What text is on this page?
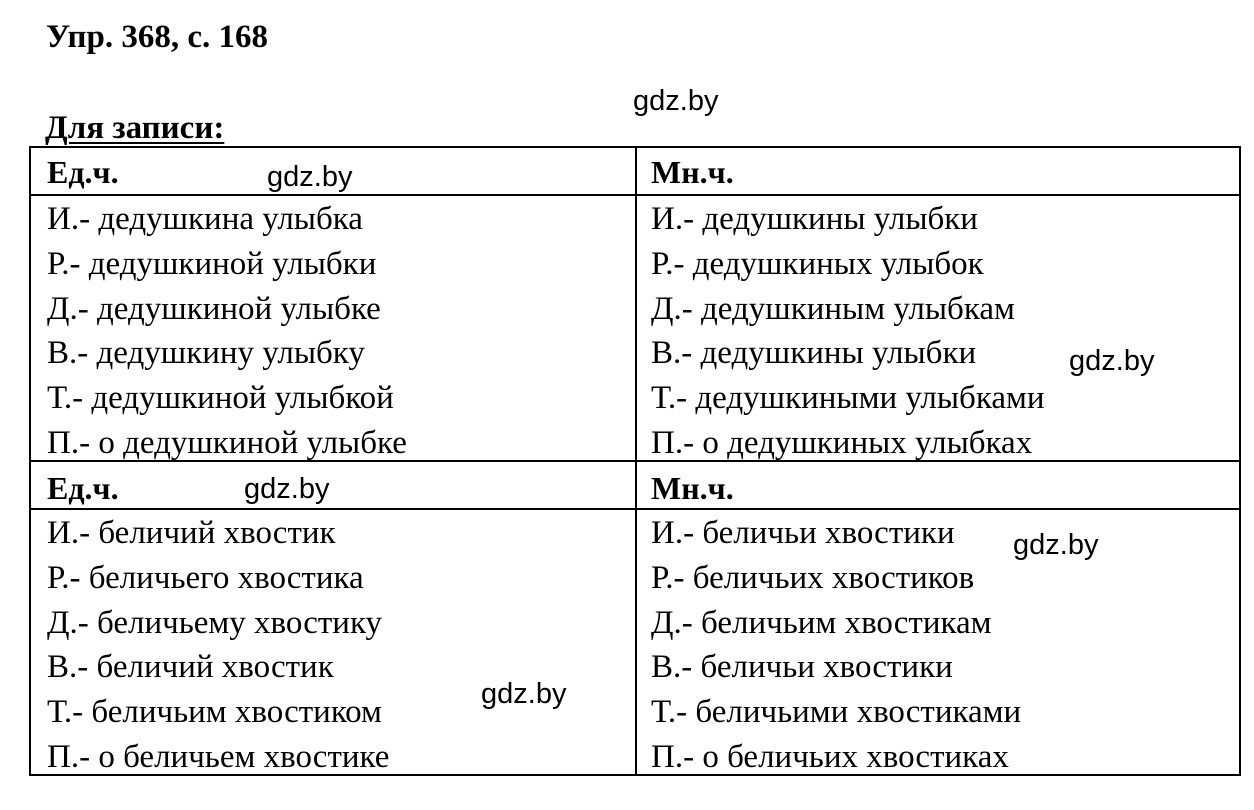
Упр. 368, с. 168
Для записи:
Ед.ч.	Мн.ч.
И.- дедушкина улыбка
Р.- дедушкиной улыбки
Д.- дедушкиной улыбке
В.- дедушкину улыбку
Т.- дедушкиной улыбкой
П.- о дедушкиной улыбке
И.- дедушкины улыбки
Р.- дедушкиных улыбок
Д.- дедушкиным улыбкам
В.- дедушкины улыбки
Т.- дедушкиными улыбками
П.- о дедушкиных улыбках
Ед.ч.	Мн.ч.
И.- беличий хвостик
Р.- беличьего хвостика
Д.- беличьему хвостику
В.- беличий хвостик
Т.- беличьим хвостиком
П.- о беличьем хвостике
И.- беличьи хвостики
Р.- беличьих хвостиков
Д.- беличьим хвостикам
В.- беличьи хвостики
Т.- беличьими хвостиками
П.- о беличьих хвостиках
gdz.by
gdz.by
gdz.by
gdz.by
gdz.by
gdz.by
